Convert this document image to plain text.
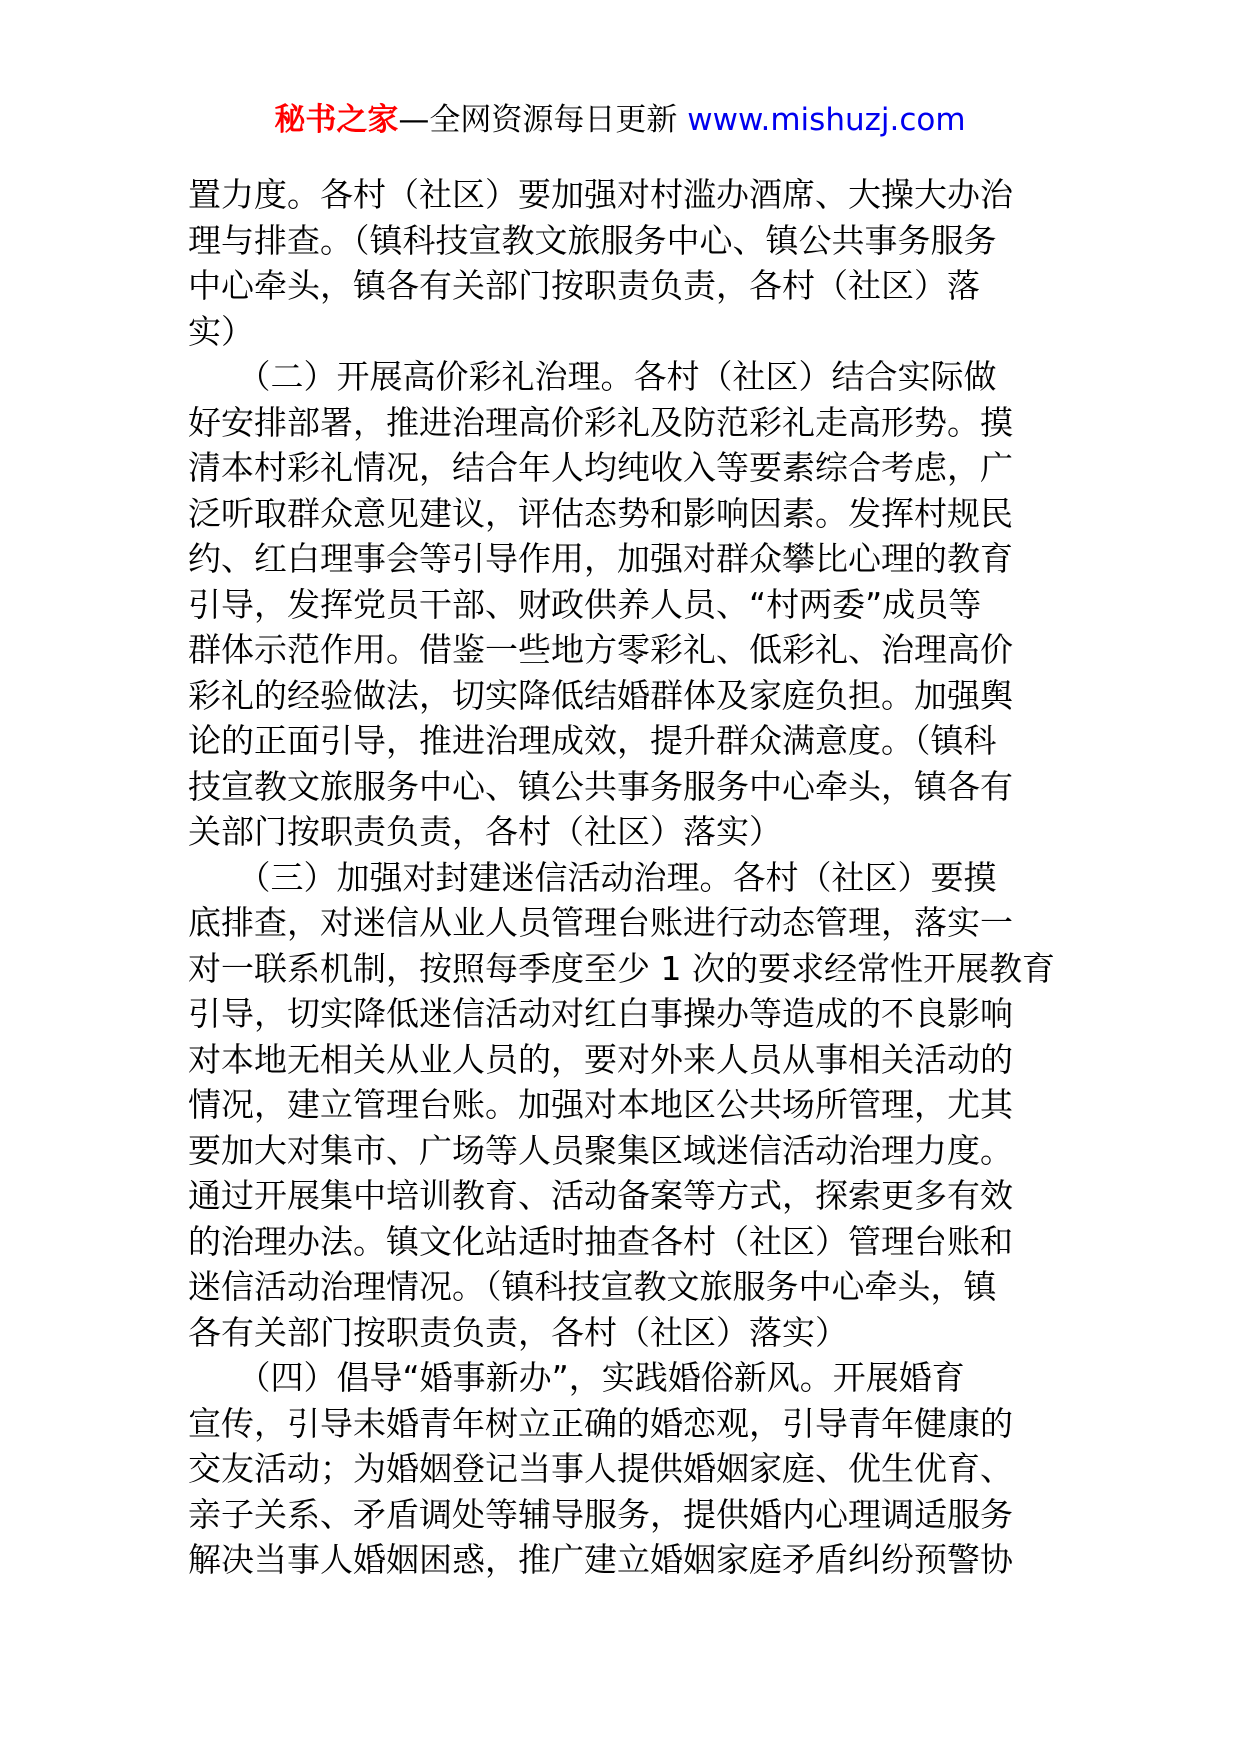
秘书之家—全网资源每日更新 www.mishuzj.com
置力度。各村（社区）要加强对村滥办酒席、大操大办治
理与排查。（镇科技宣教文旅服务中心、镇公共事务服务
中心牵头，镇各有关部门按职责负责，各村（社区）落
实）
　　（二）开展高价彩礼治理。各村（社区）结合实际做
好安排部署，推进治理高价彩礼及防范彩礼走高形势。摸
清本村彩礼情况，结合年人均纯收入等要素综合考虑，广
泛听取群众意见建议，评估态势和影响因素。发挥村规民
约、红白理事会等引导作用，加强对群众攀比心理的教育
引导，发挥党员干部、财政供养人员、“村两委”成员等
群体示范作用。借鉴一些地方零彩礼、低彩礼、治理高价
彩礼的经验做法，切实降低结婚群体及家庭负担。加强舆
论的正面引导，推进治理成效，提升群众满意度。（镇科
技宣教文旅服务中心、镇公共事务服务中心牵头，镇各有
关部门按职责负责，各村（社区）落实）
　　（三）加强对封建迷信活动治理。各村（社区）要摸
底排查，对迷信从业人员管理台账进行动态管理，落实一
对一联系机制，按照每季度至少 1 次的要求经常性开展教育
引导，切实降低迷信活动对红白事操办等造成的不良影响
对本地无相关从业人员的，要对外来人员从事相关活动的
情况，建立管理台账。加强对本地区公共场所管理，尤其
要加大对集市、广场等人员聚集区域迷信活动治理力度。
通过开展集中培训教育、活动备案等方式，探索更多有效
的治理办法。镇文化站适时抽查各村（社区）管理台账和
迷信活动治理情况。（镇科技宣教文旅服务中心牵头，镇
各有关部门按职责负责，各村（社区）落实）
　　（四）倡导“婚事新办”，实践婚俗新风。开展婚育
宣传，引导未婚青年树立正确的婚恋观，引导青年健康的
交友活动；为婚姻登记当事人提供婚姻家庭、优生优育、
亲子关系、矛盾调处等辅导服务，提供婚内心理调适服务
解决当事人婚姻困惑，推广建立婚姻家庭矛盾纠纷预警协
